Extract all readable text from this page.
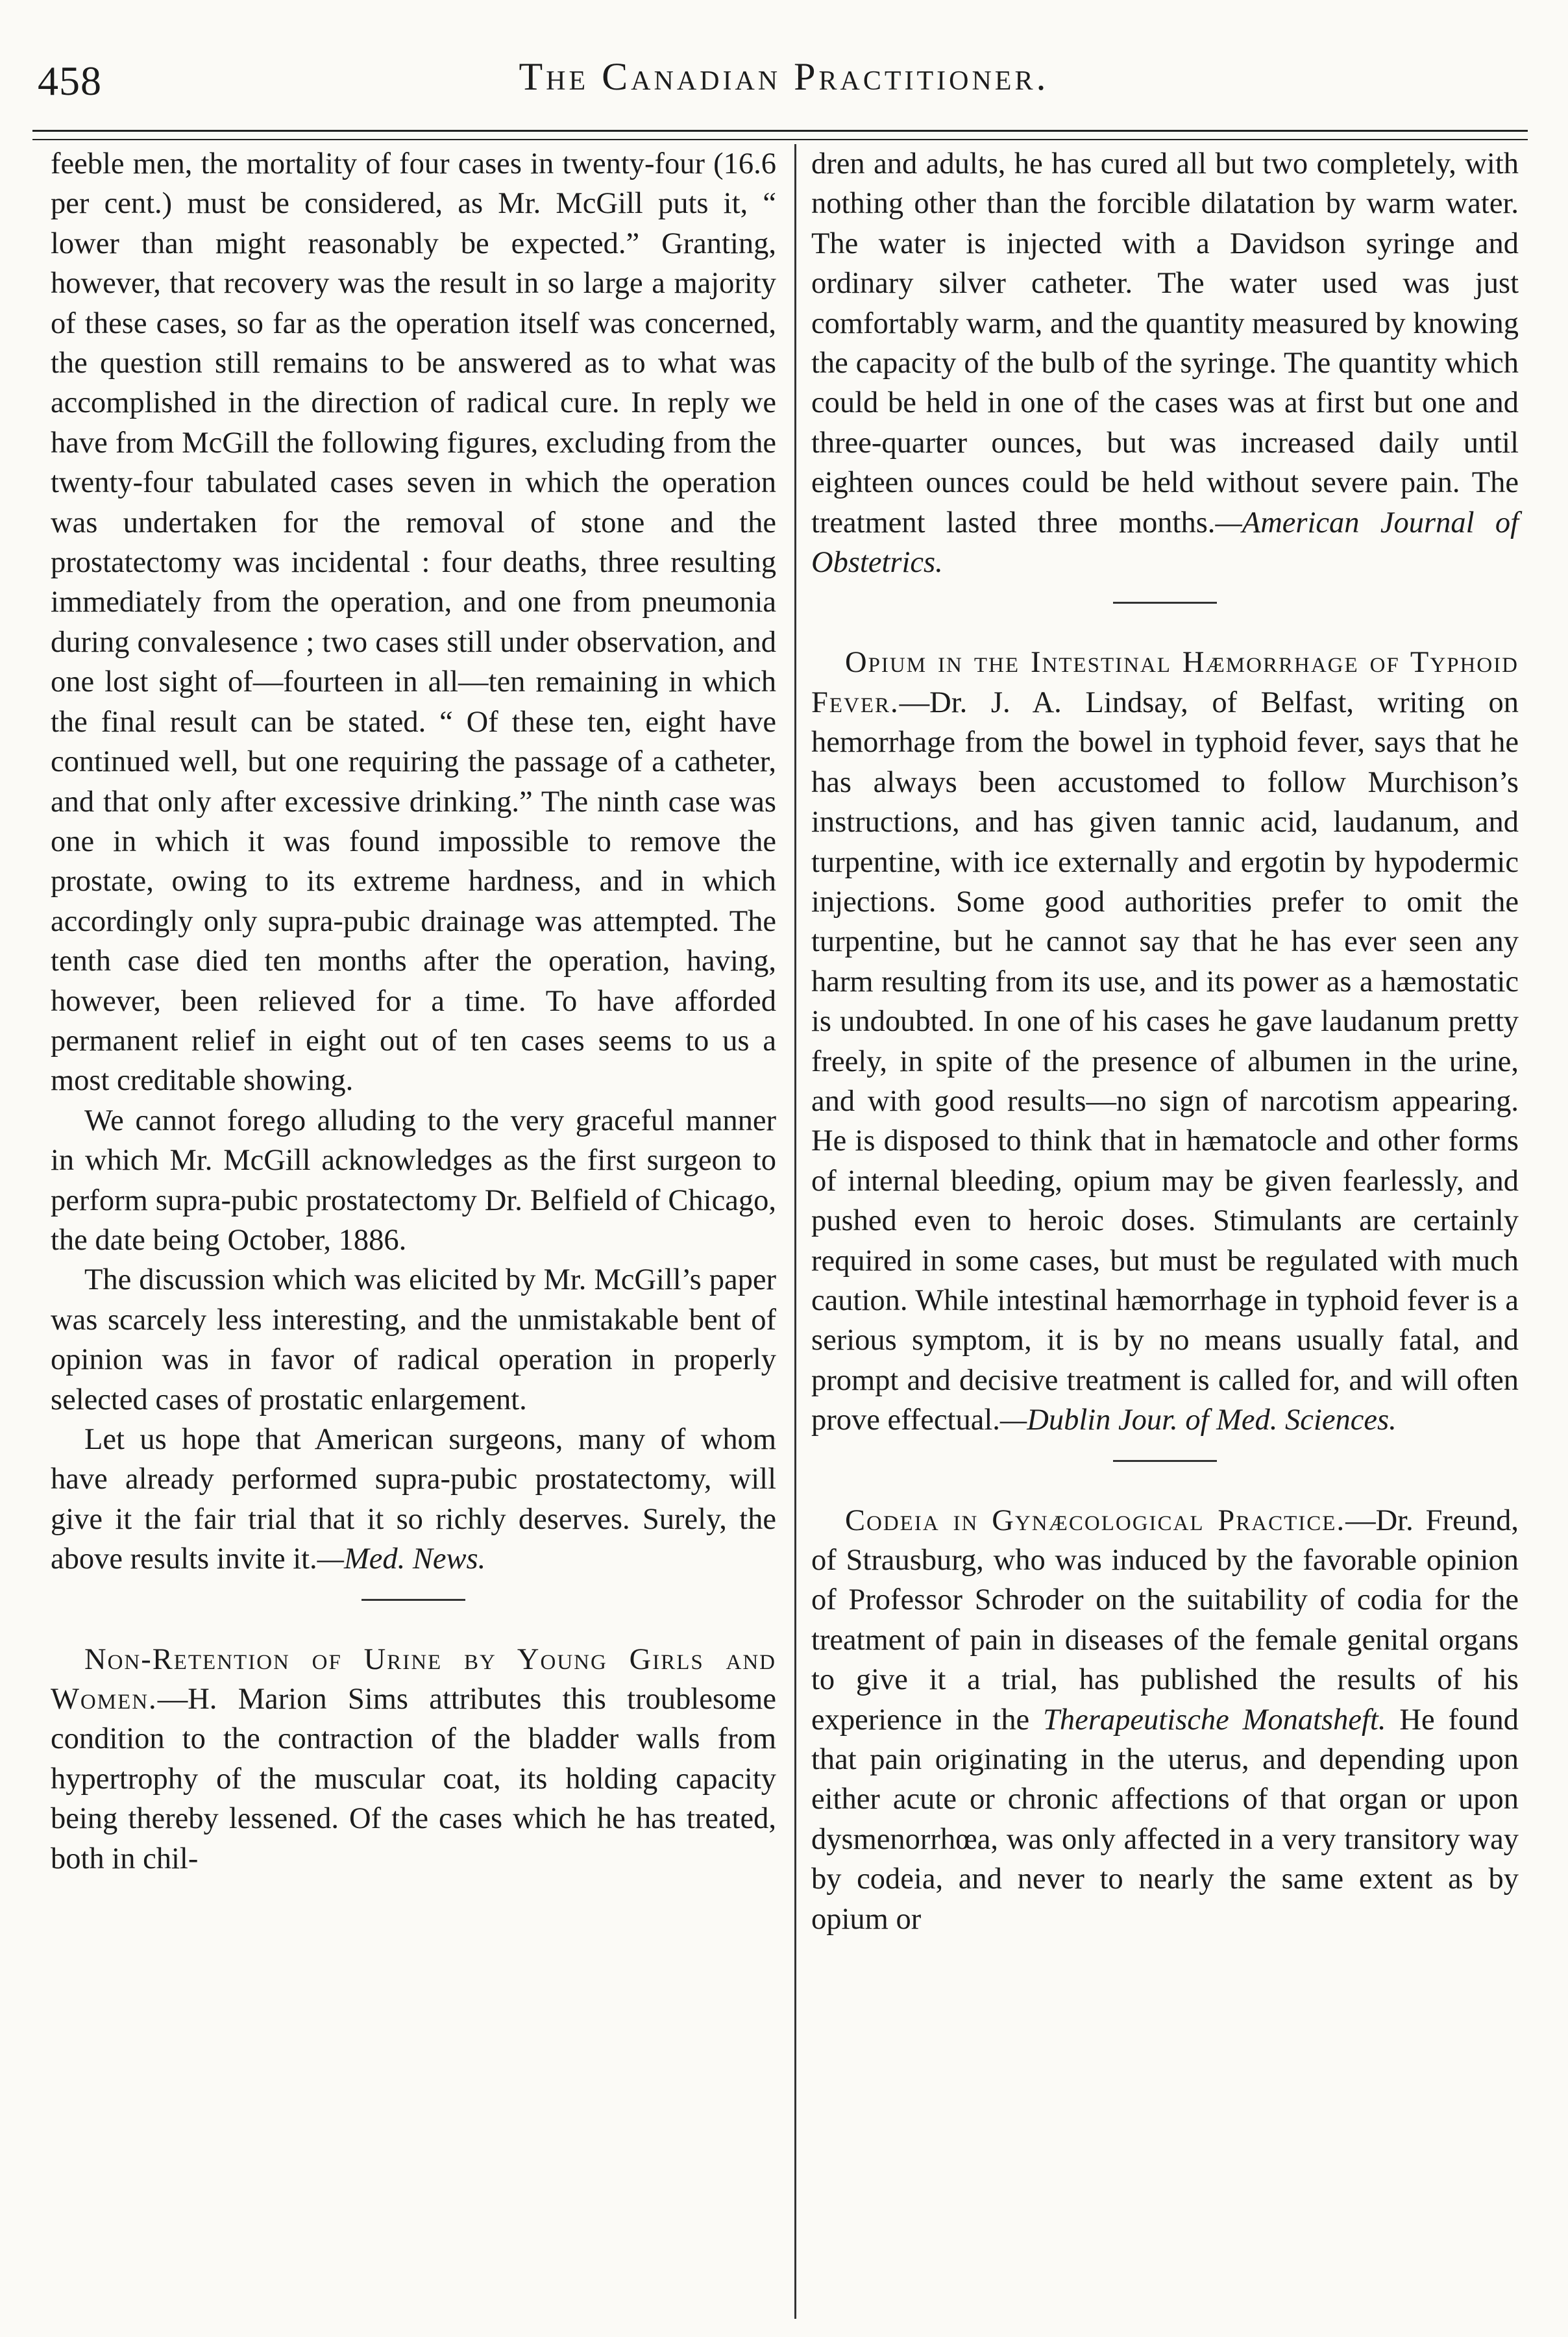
458	The Canadian Practitioner.

feeble men, the mortality of four cases in twenty-four (16.6 per cent.) must be considered, as Mr. McGill puts it, “ lower than might reasonably be expected.” Granting, however, that recovery was the result in so large a majority of these cases, so far as the operation itself was concerned, the question still remains to be answered as to what was accomplished in the direction of radical cure. In reply we have from McGill the following figures, excluding from the twenty-four tabulated cases seven in which the operation was undertaken for the removal of stone and the prostatectomy was incidental : four deaths, three resulting immediately from the operation, and one from pneumonia during convalesence ; two cases still under observation, and one lost sight of—fourteen in all—ten remaining in which the final result can be stated. “ Of these ten, eight have continued well, but one requiring the passage of a catheter, and that only after excessive drinking.” The ninth case was one in which it was found impossible to remove the prostate, owing to its extreme hardness, and in which accordingly only supra-pubic drainage was attempted. The tenth case died ten months after the operation, having, however, been relieved for a time. To have afforded permanent relief in eight out of ten cases seems to us a most creditable showing.

We cannot forego alluding to the very graceful manner in which Mr. McGill acknowledges as the first surgeon to perform supra-pubic prostatectomy Dr. Belfield of Chicago, the date being October, 1886.

The discussion which was elicited by Mr. McGill’s paper was scarcely less interesting, and the unmistakable bent of opinion was in favor of radical operation in properly selected cases of prostatic enlargement.

Let us hope that American surgeons, many of whom have already performed supra-pubic prostatectomy, will give it the fair trial that it so richly deserves. Surely, the above results invite it.—Med. News.

Non-Retention of Urine by Young Girls and Women.—H. Marion Sims attributes this troublesome condition to the contraction of the bladder walls from hypertrophy of the muscular coat, its holding capacity being thereby lessened. Of the cases which he has treated, both in chil-

dren and adults, he has cured all but two completely, with nothing other than the forcible dilatation by warm water. The water is injected with a Davidson syringe and ordinary silver catheter. The water used was just comfortably warm, and the quantity measured by knowing the capacity of the bulb of the syringe. The quantity which could be held in one of the cases was at first but one and three-quarter ounces, but was increased daily until eighteen ounces could be held without severe pain. The treatment lasted three months.—American Journal of Obstetrics.

Opium in the Intestinal Hæmorrhage of Typhoid Fever.—Dr. J. A. Lindsay, of Belfast, writing on hemorrhage from the bowel in typhoid fever, says that he has always been accustomed to follow Murchison’s instructions, and has given tannic acid, laudanum, and turpentine, with ice externally and ergotin by hypodermic injections. Some good authorities prefer to omit the turpentine, but he cannot say that he has ever seen any harm resulting from its use, and its power as a hæmostatic is undoubted. In one of his cases he gave laudanum pretty freely, in spite of the presence of albumen in the urine, and with good results—no sign of narcotism appearing. He is disposed to think that in hæmatocle and other forms of internal bleeding, opium may be given fearlessly, and pushed even to heroic doses. Stimulants are certainly required in some cases, but must be regulated with much caution. While intestinal hæmorrhage in typhoid fever is a serious symptom, it is by no means usually fatal, and prompt and decisive treatment is called for, and will often prove effectual.—Dublin Jour. of Med. Sciences.

Codeia in Gynæcological Practice.—Dr. Freund, of Strausburg, who was induced by the favorable opinion of Professor Schroder on the suitability of codia for the treatment of pain in diseases of the female genital organs to give it a trial, has published the results of his experience in the Therapeutische Monatsheft. He found that pain originating in the uterus, and depending upon either acute or chronic affections of that organ or upon dysmenorrhœa, was only affected in a very transitory way by codeia, and never to nearly the same extent as by opium or
